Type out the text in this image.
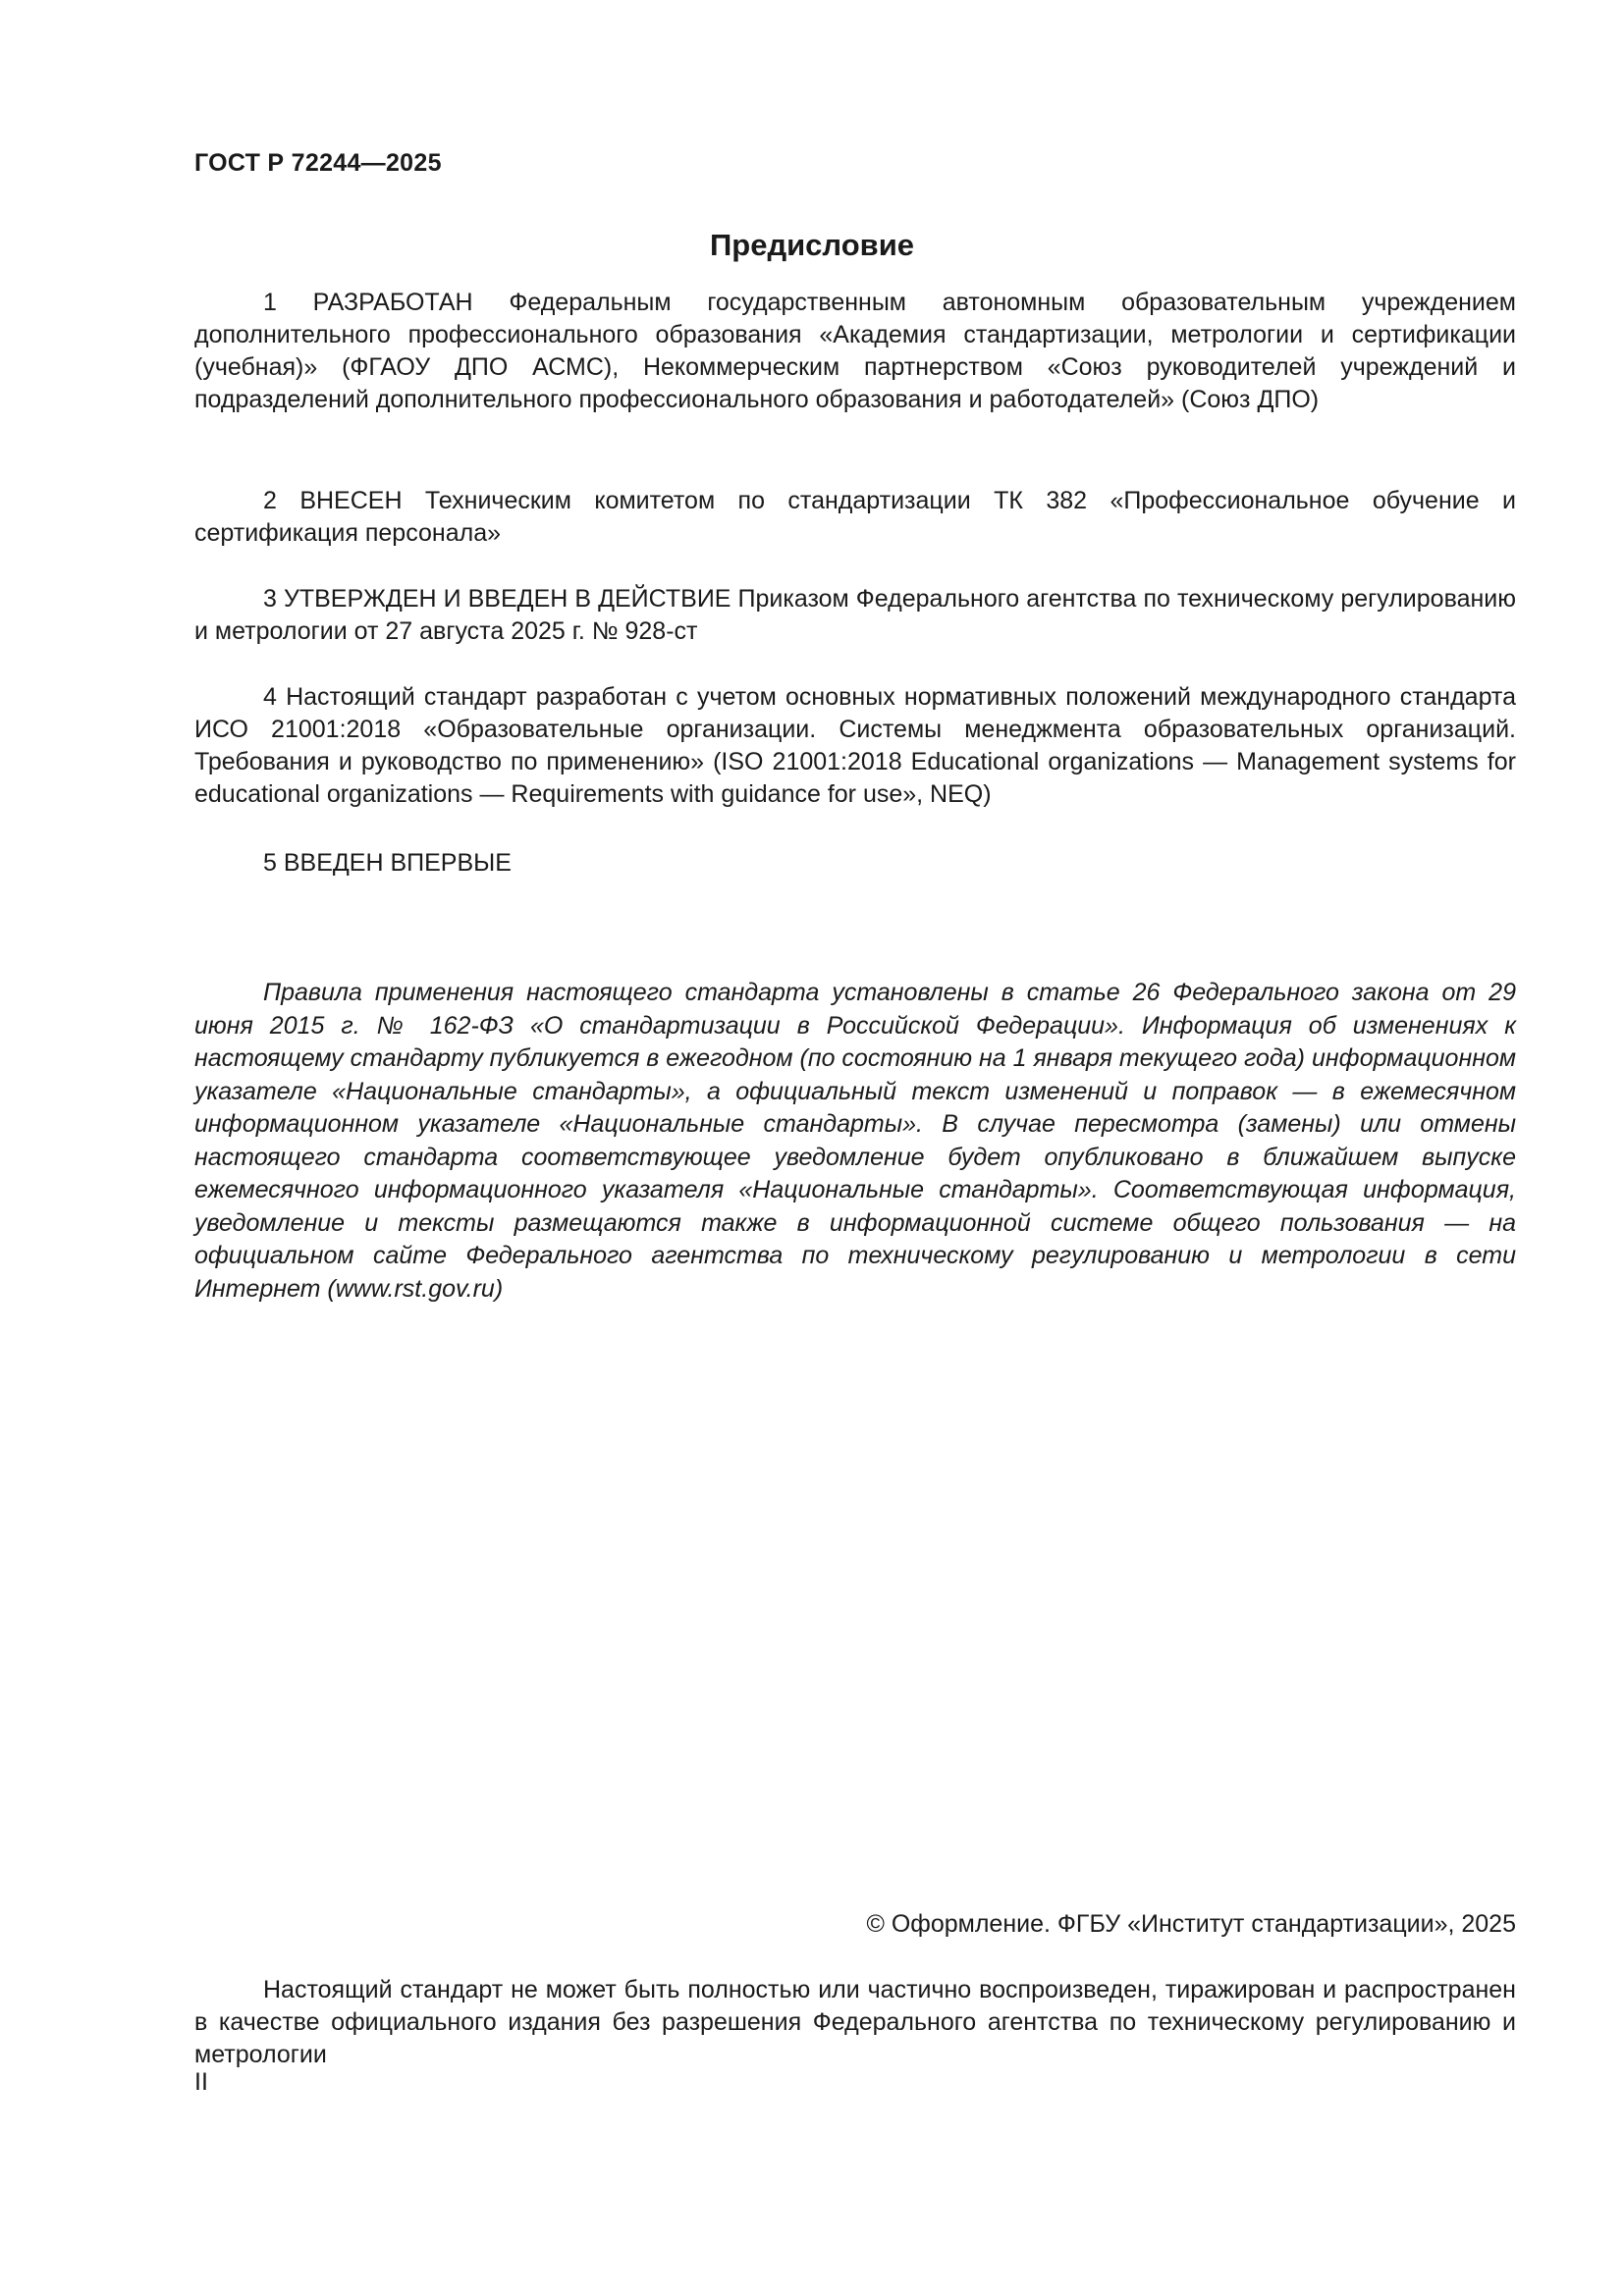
ГОСТ Р 72244—2025
Предисловие

1 РАЗРАБОТАН Федеральным государственным автономным образовательным учреждением дополнительного профессионального образования «Академия стандартизации, метрологии и сертификации (учебная)» (ФГАОУ ДПО АСМС), Некоммерческим партнерством «Союз руководителей учреждений и подразделений дополнительного профессионального образования и работодателей» (Союз ДПО)

2 ВНЕСЕН Техническим комитетом по стандартизации ТК 382 «Профессиональное обучение и сертификация персонала»

3 УТВЕРЖДЕН И ВВЕДЕН В ДЕЙСТВИЕ Приказом Федерального агентства по техническому регулированию и метрологии от 27 августа 2025 г. № 928-ст

4 Настоящий стандарт разработан с учетом основных нормативных положений международного стандарта ИСО 21001:2018 «Образовательные организации. Системы менеджмента образовательных организаций. Требования и руководство по применению» (ISO 21001:2018 Educational organizations — Management systems for educational organizations — Requirements with guidance for use», NEQ)

5 ВВЕДЕН ВПЕРВЫЕ

Правила применения настоящего стандарта установлены в статье 26 Федерального закона от 29 июня 2015 г. № 162-ФЗ «О стандартизации в Российской Федерации». Информация об изменениях к настоящему стандарту публикуется в ежегодном (по состоянию на 1 января текущего года) информационном указателе «Национальные стандарты», а официальный текст изменений и поправок — в ежемесячном информационном указателе «Национальные стандарты». В случае пересмотра (замены) или отмены настоящего стандарта соответствующее уведомление будет опубликовано в ближайшем выпуске ежемесячного информационного указателя «Национальные стандарты». Соответствующая информация, уведомление и тексты размещаются также в информационной системе общего пользования — на официальном сайте Федерального агентства по техническому регулированию и метрологии в сети Интернет (www.rst.gov.ru)

© Оформление. ФГБУ «Институт стандартизации», 2025

Настоящий стандарт не может быть полностью или частично воспроизведен, тиражирован и распространен в качестве официального издания без разрешения Федерального агентства по техническому регулированию и метрологии

II
